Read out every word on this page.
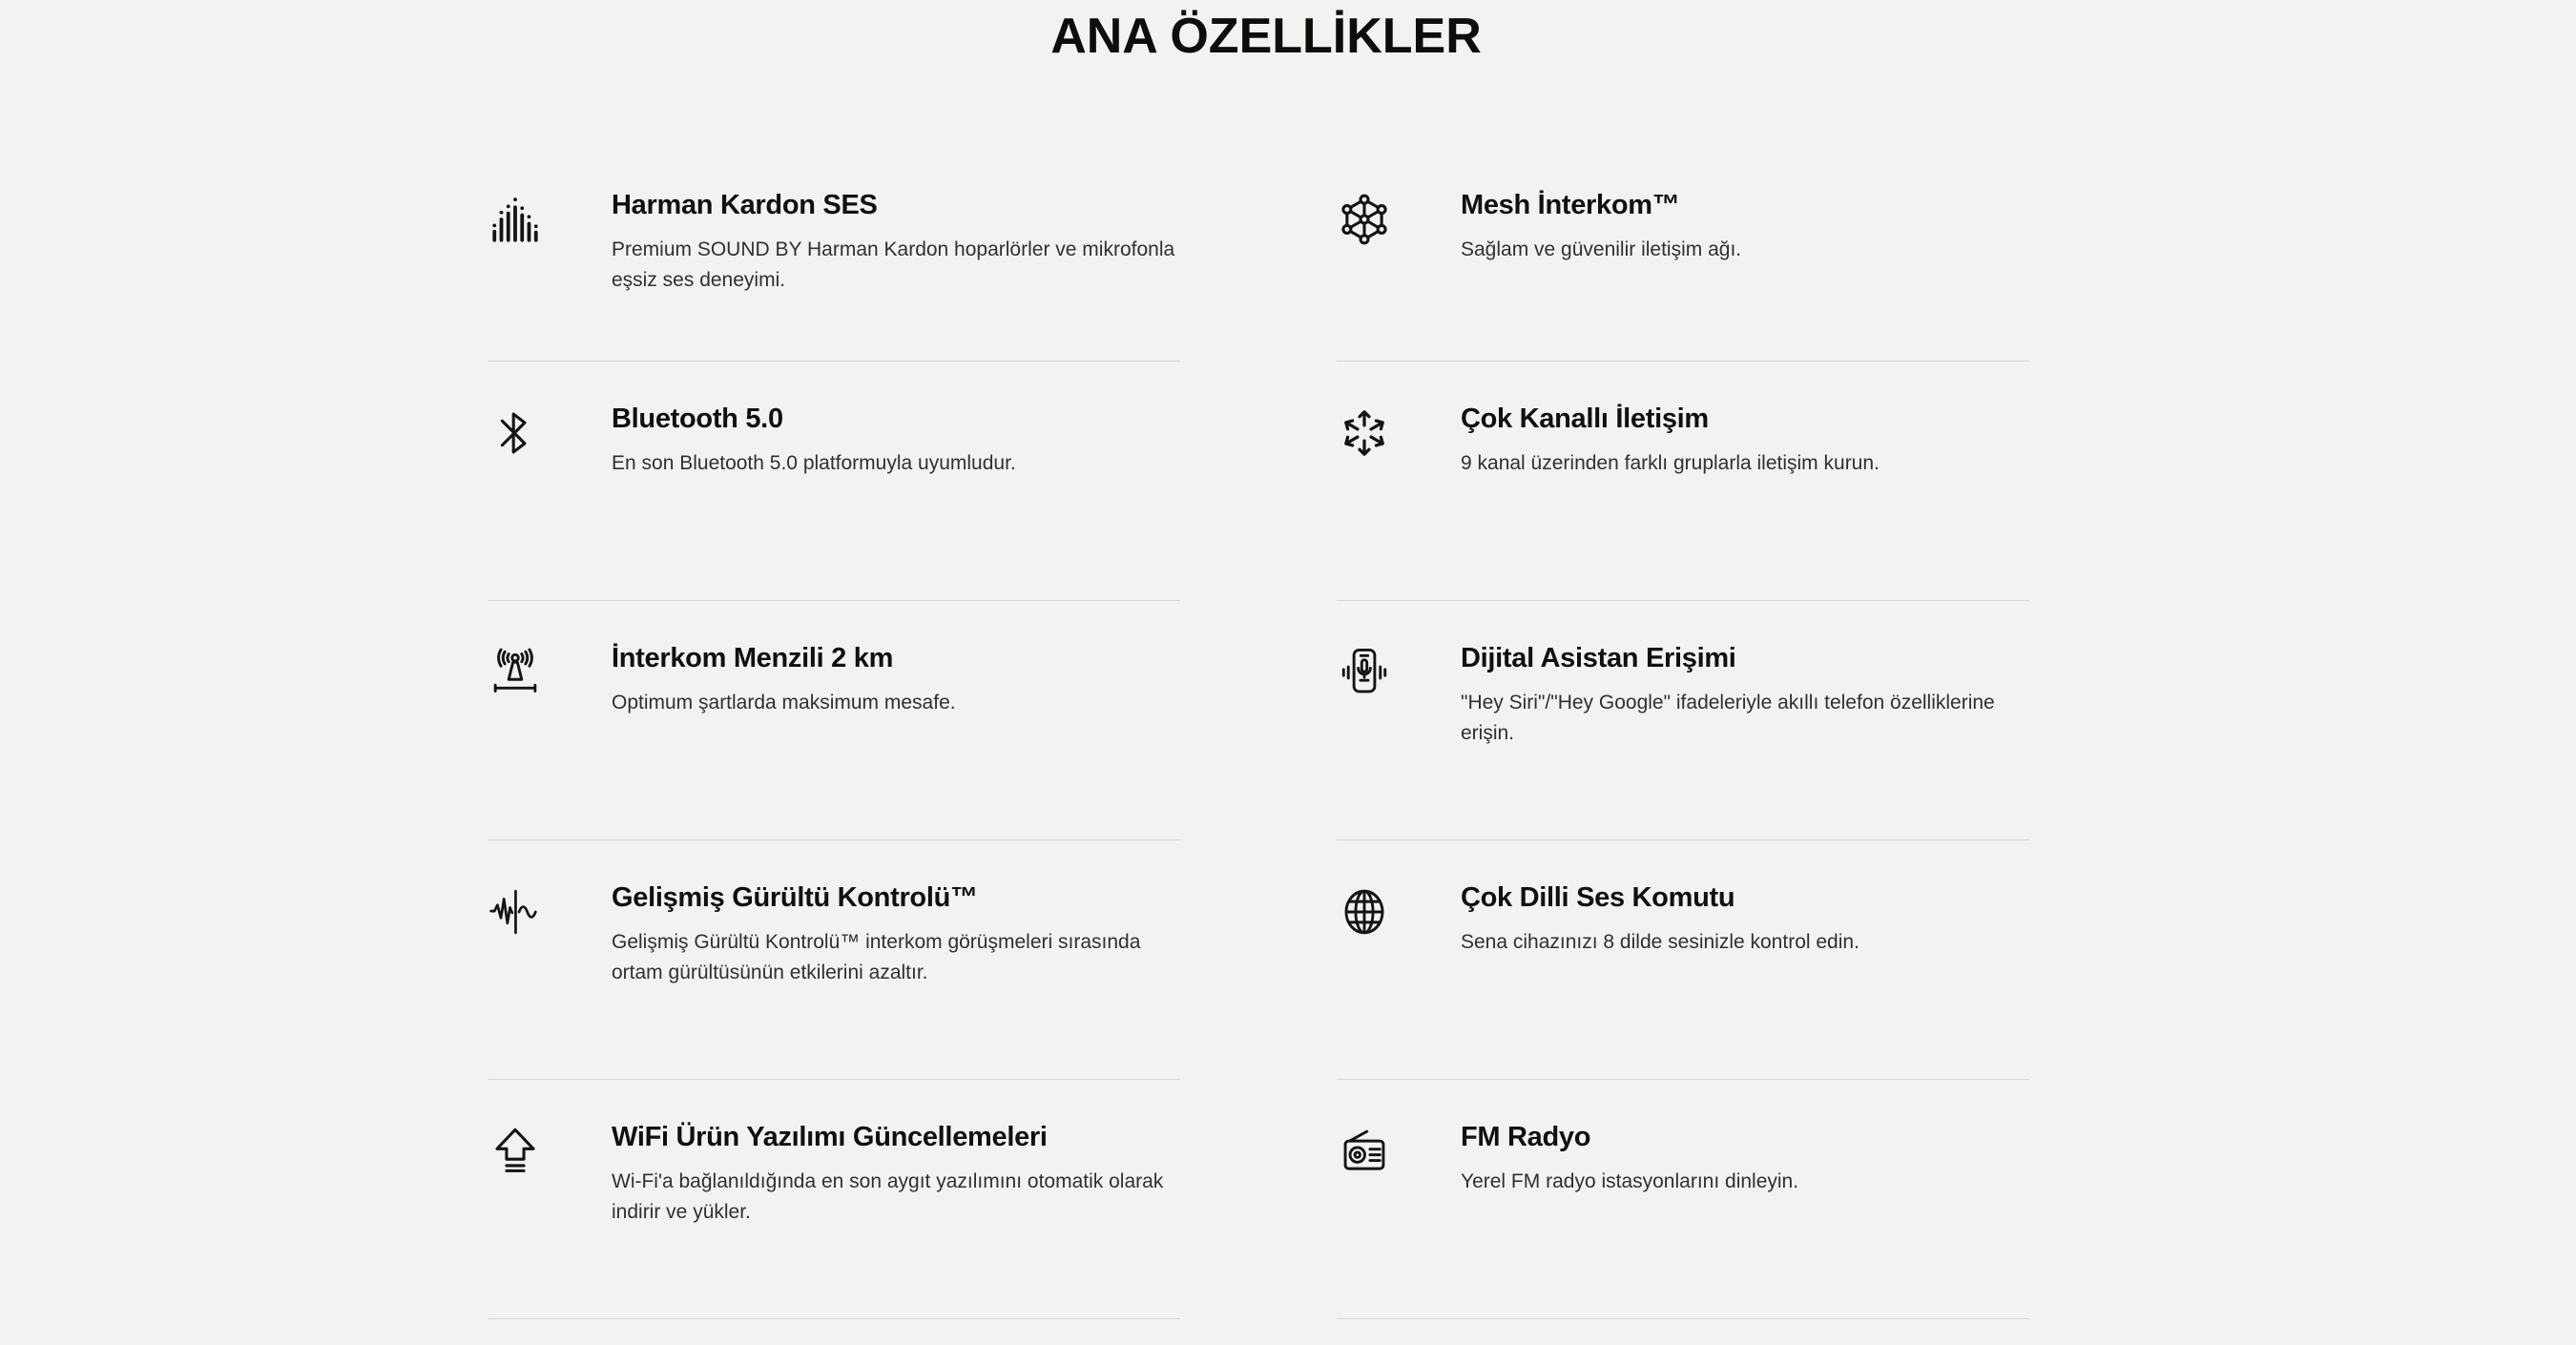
ANA ÖZELLİKLER
Harman Kardon SES

Premium SOUND BY Harman Kardon hoparlörler ve mikrofonla eşsiz ses deneyimi.

Mesh İnterkom™

Sağlam ve güvenilir iletişim ağı.

Bluetooth 5.0

En son Bluetooth 5.0 platformuyla uyumludur.

Çok Kanallı İletişim

9 kanal üzerinden farklı gruplarla iletişim kurun.

İnterkom Menzili 2 km

Optimum şartlarda maksimum mesafe.

Dijital Asistan Erişimi

"Hey Siri"/"Hey Google" ifadeleriyle akıllı telefon özelliklerine erişin.

Gelişmiş Gürültü Kontrolü™

Gelişmiş Gürültü Kontrolü™ interkom görüşmeleri sırasında ortam gürültüsünün etkilerini azaltır.

Çok Dilli Ses Komutu

Sena cihazınızı 8 dilde sesinizle kontrol edin.

WiFi Ürün Yazılımı Güncellemeleri

Wi-Fi'a bağlanıldığında en son aygıt yazılımını otomatik olarak indirir ve yükler.

FM Radyo

Yerel FM radyo istasyonlarını dinleyin.
